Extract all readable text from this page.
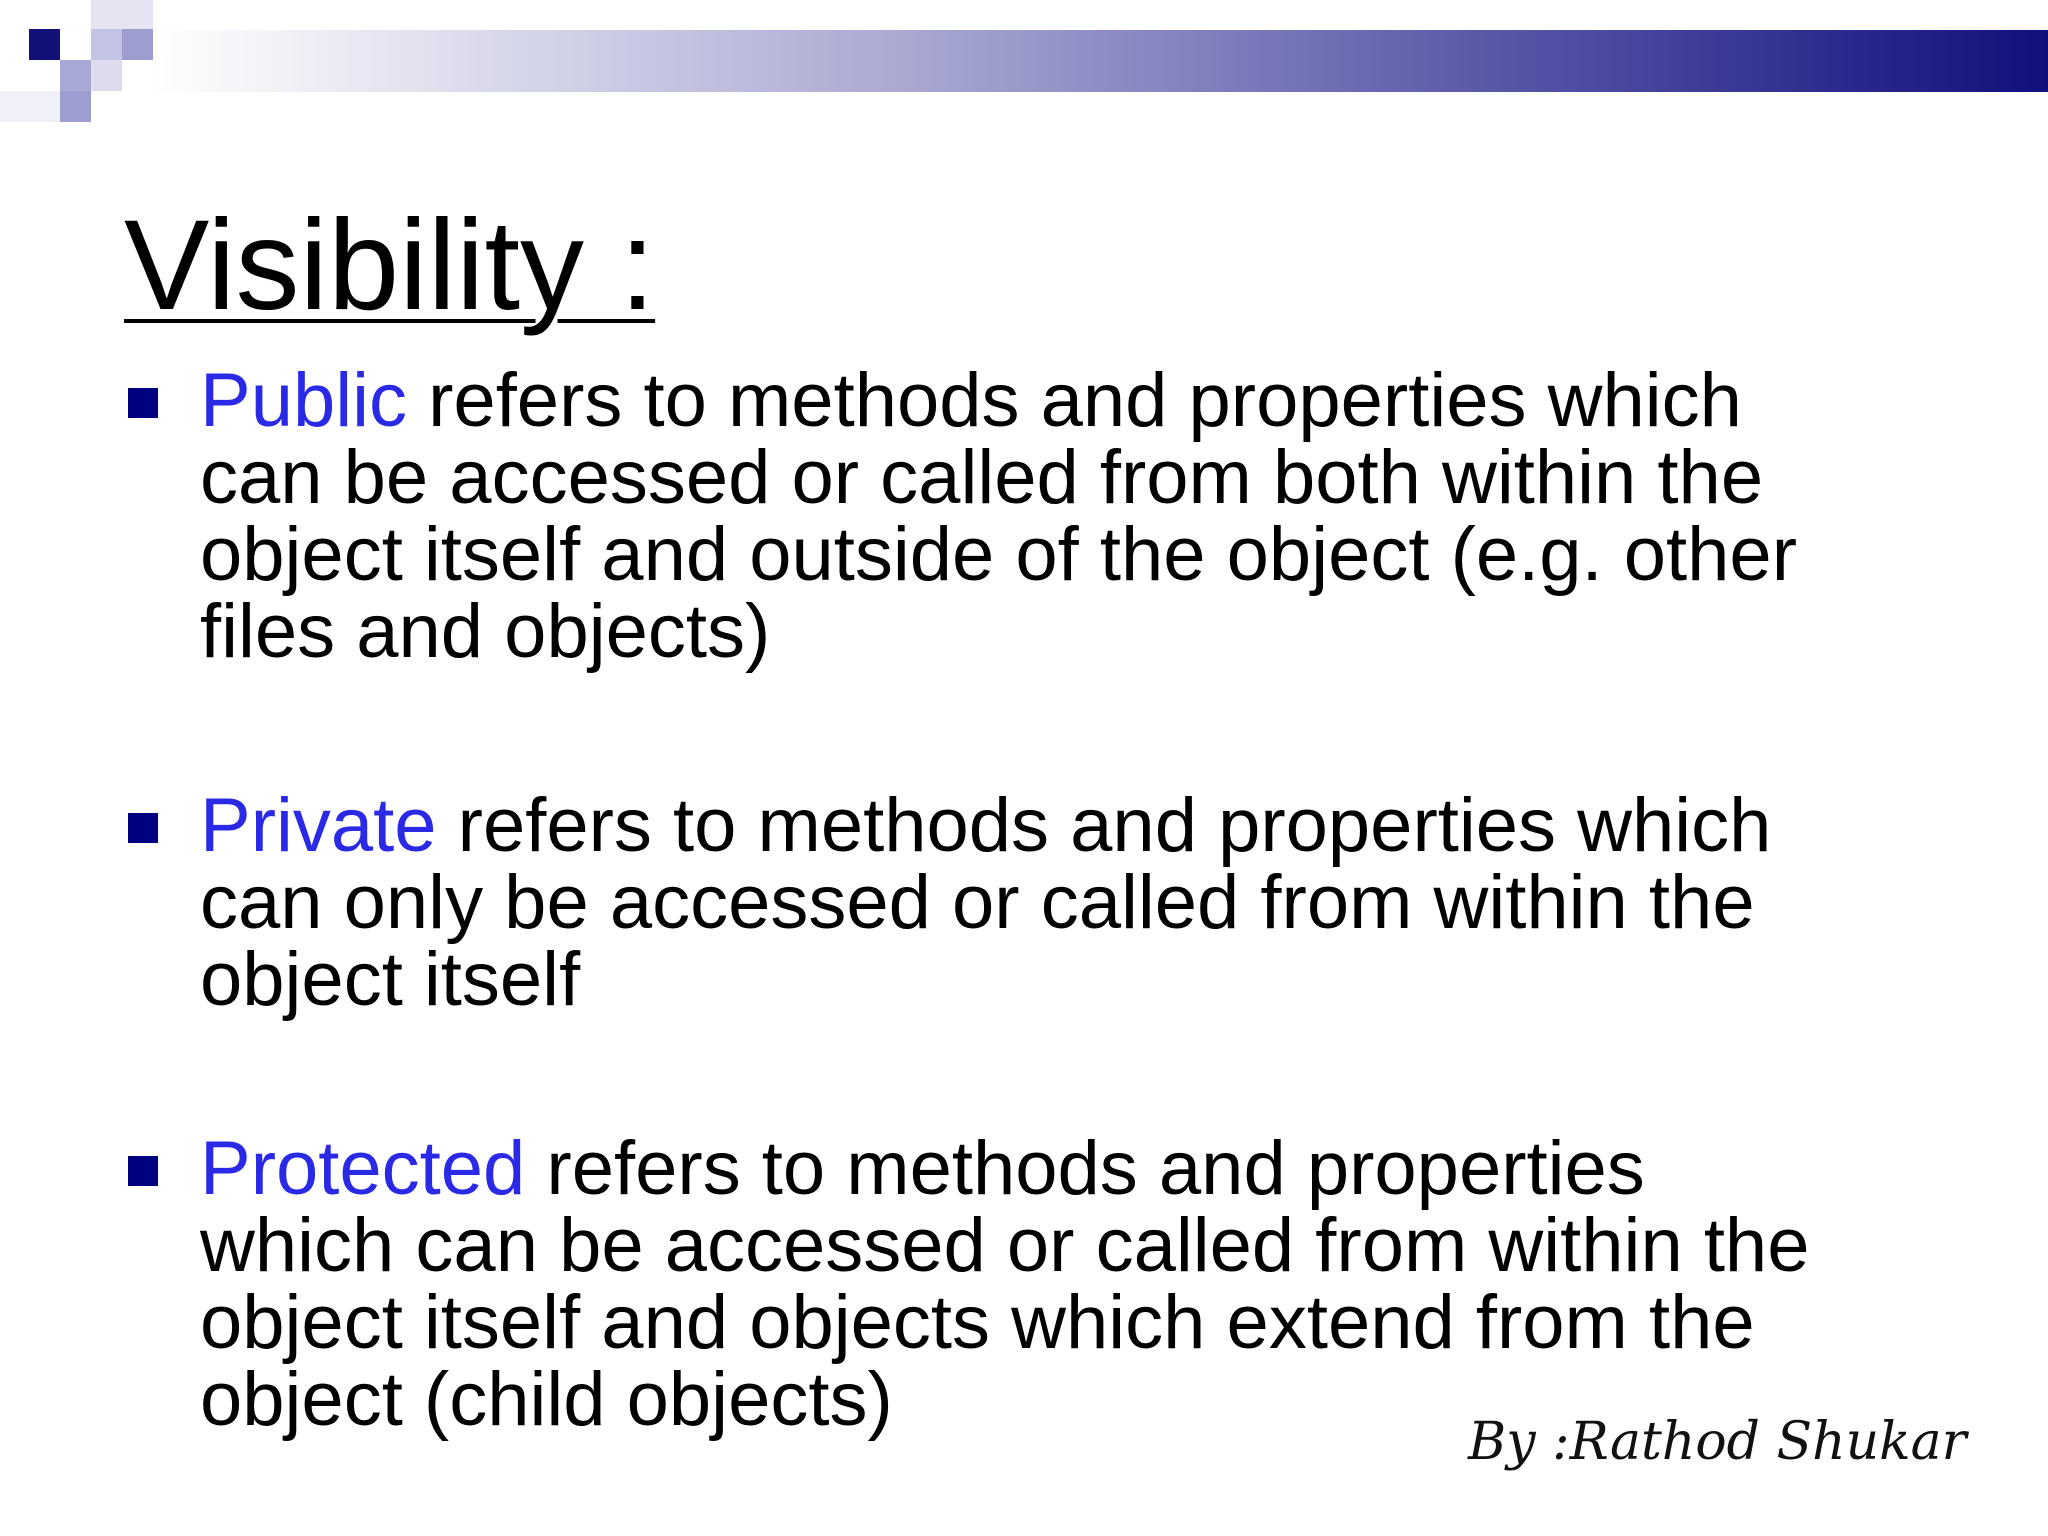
Visibility :
Public refers to methods and properties which
can be accessed or called from both within the
object itself and outside of the object (e.g. other
files and objects)
Private refers to methods and properties which
can only be accessed or called from within the
object itself
Protected refers to methods and properties
which can be accessed or called from within the
object itself and objects which extend from the
object (child objects)	By :Rathod Shukar
